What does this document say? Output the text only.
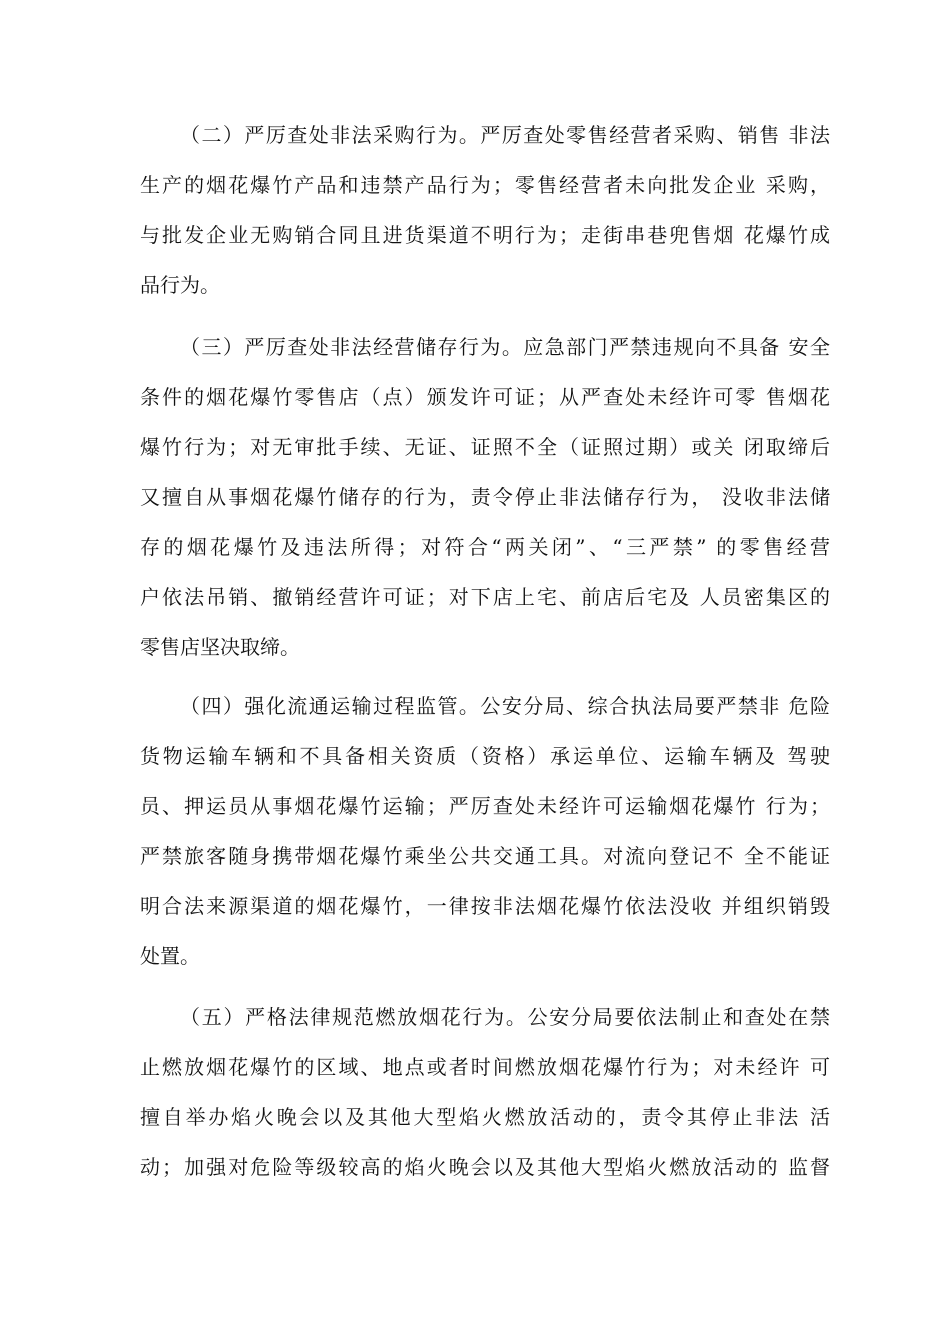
（二）严厉查处非法采购行为。严厉查处零售经营者采购、销售 非法
生产的烟花爆竹产品和违禁产品行为；零售经营者未向批发企业 采购，
与批发企业无购销合同且进货渠道不明行为；走街串巷兜售烟 花爆竹成
品行为。
（三）严厉查处非法经营储存行为。应急部门严禁违规向不具备 安全
条件的烟花爆竹零售店（点）颁发许可证；从严查处未经许可零 售烟花
爆竹行为；对无审批手续、无证、证照不全（证照过期）或关 闭取缔后
又擅自从事烟花爆竹储存的行为，责令停止非法储存行为， 没收非法储
存的烟花爆竹及违法所得；对符合“两关闭”、“三严禁” 的零售经营
户依法吊销、撤销经营许可证；对下店上宅、前店后宅及 人员密集区的
零售店坚决取缔。
（四）强化流通运输过程监管。公安分局、综合执法局要严禁非 危险
货物运输车辆和不具备相关资质（资格）承运单位、运输车辆及 驾驶
员、押运员从事烟花爆竹运输；严厉查处未经许可运输烟花爆竹 行为；
严禁旅客随身携带烟花爆竹乘坐公共交通工具。对流向登记不 全不能证
明合法来源渠道的烟花爆竹，一律按非法烟花爆竹依法没收 并组织销毁
处置。
（五）严格法律规范燃放烟花行为。公安分局要依法制止和查处在禁
止燃放烟花爆竹的区域、地点或者时间燃放烟花爆竹行为；对未经许 可
擅自举办焰火晚会以及其他大型焰火燃放活动的，责令其停止非法 活
动；加强对危险等级较高的焰火晚会以及其他大型焰火燃放活动的 监督
